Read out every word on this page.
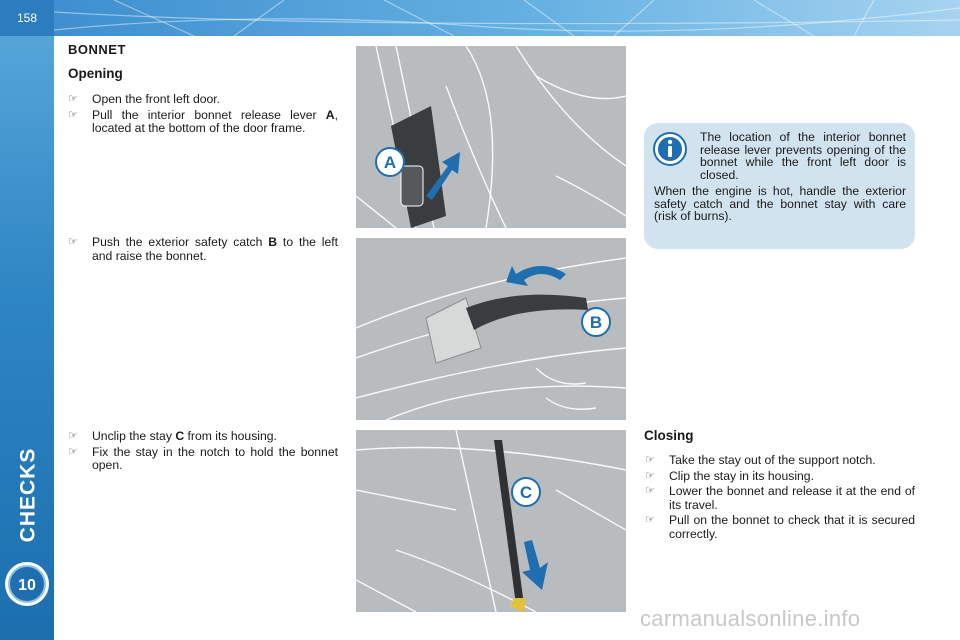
158
CHECKS
10
BONNET
Opening
☞ Open the front left door.
☞ Pull the interior bonnet release lever A, located at the bottom of the door frame.
☞ Push the exterior safety catch B to the left and raise the bonnet.
☞ Unclip the stay C from its housing.
☞ Fix the stay in the notch to hold the bonnet open.
A
B
C

The location of the interior bonnet release lever prevents opening of the bonnet while the front left door is closed.

When the engine is hot, handle the exterior safety catch and the bonnet stay with care (risk of burns).

Closing
☞ Take the stay out of the support notch.
☞ Clip the stay in its housing.
☞ Lower the bonnet and release it at the end of its travel.
☞ Pull on the bonnet to check that it is secured correctly.
carmanualsonline.info
